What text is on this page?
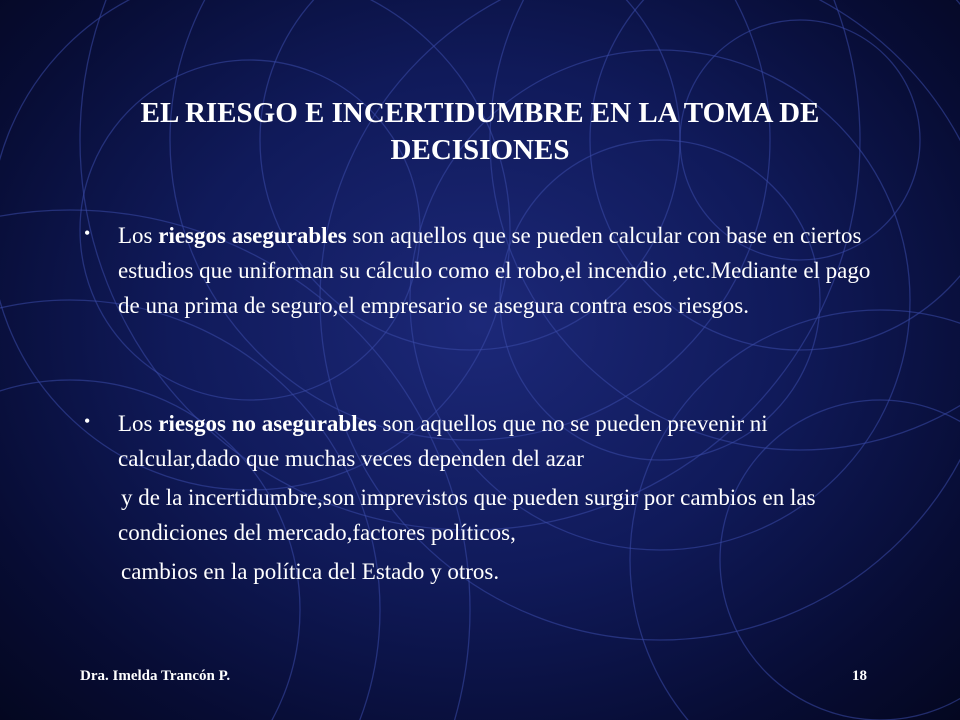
EL RIESGO E INCERTIDUMBRE EN LA TOMA DE
DECISIONES
• Los riesgos asegurables son aquellos que se pueden calcular con base en ciertos estudios que uniforman su cálculo como el robo,el incendio ,etc.Mediante el pago de una prima de seguro,el empresario se asegura contra esos riesgos.
• Los riesgos no asegurables son aquellos que no se pueden prevenir ni calcular,dado que muchas veces dependen del azar
y de la incertidumbre,son imprevistos que pueden surgir por cambios en las condiciones del mercado,factores políticos,
cambios en la política del Estado y otros.
Dra. Imelda Trancón P.	18
